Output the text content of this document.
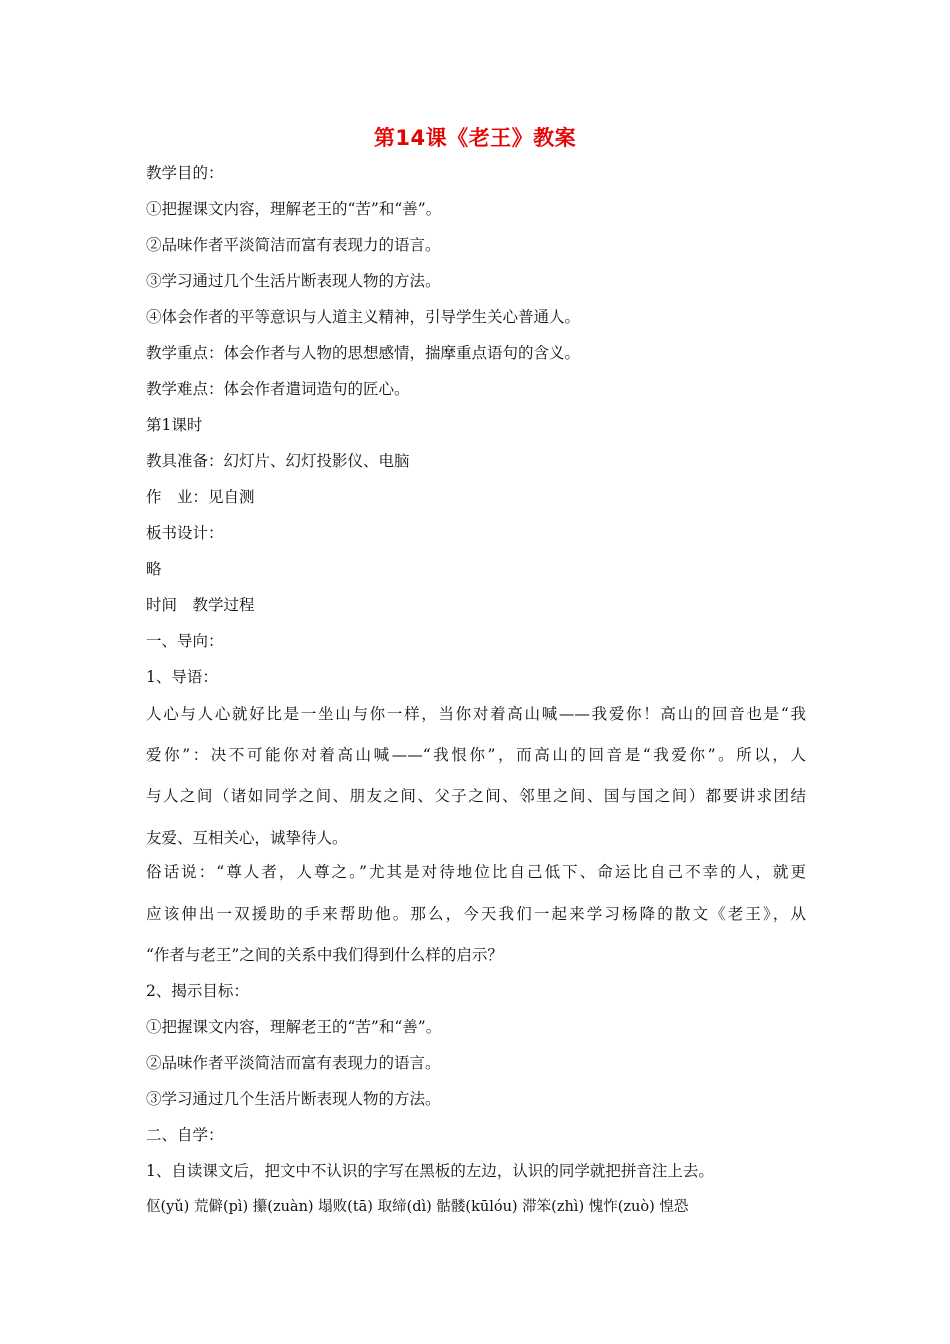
第14课《老王》教案
教学目的：
①把握课文内容，理解老王的“苦”和“善”。
②品味作者平淡简洁而富有表现力的语言。
③学习通过几个生活片断表现人物的方法。
④体会作者的平等意识与人道主义精神，引导学生关心普通人。
教学重点：体会作者与人物的思想感情，揣摩重点语句的含义。
教学难点：体会作者遣词造句的匠心。
第1课时
教具准备：幻灯片、幻灯投影仪、电脑
作　业：见自测
板书设计：
略
时间　教学过程
一、导向：
1、导语：
人心与人心就好比是一坐山与你一样，当你对着高山喊——我爱你！高山的回音也是“我
爱你”：决不可能你对着高山喊——“我恨你”，而高山的回音是“我爱你”。所以，人
与人之间（诸如同学之间、朋友之间、父子之间、邻里之间、国与国之间）都要讲求团结
友爱、互相关心，诚挚待人。
俗话说：“尊人者，人尊之。”尤其是对待地位比自己低下、命运比自己不幸的人，就更
应该伸出一双援助的手来帮助他。那么，今天我们一起来学习杨降的散文《老王》，从
“作者与老王”之间的关系中我们得到什么样的启示？
2、揭示目标：
①把握课文内容，理解老王的“苦”和“善”。
②品味作者平淡简洁而富有表现力的语言。
③学习通过几个生活片断表现人物的方法。
二、自学：
1、自读课文后，把文中不认识的字写在黑板的左边，认识的同学就把拼音注上去。
伛(yǔ) 荒僻(pì) 攥(zuàn) 塌败(tā) 取缔(dì) 骷髅(kūlóu) 滞笨(zhì) 愧怍(zuò) 惶恐
